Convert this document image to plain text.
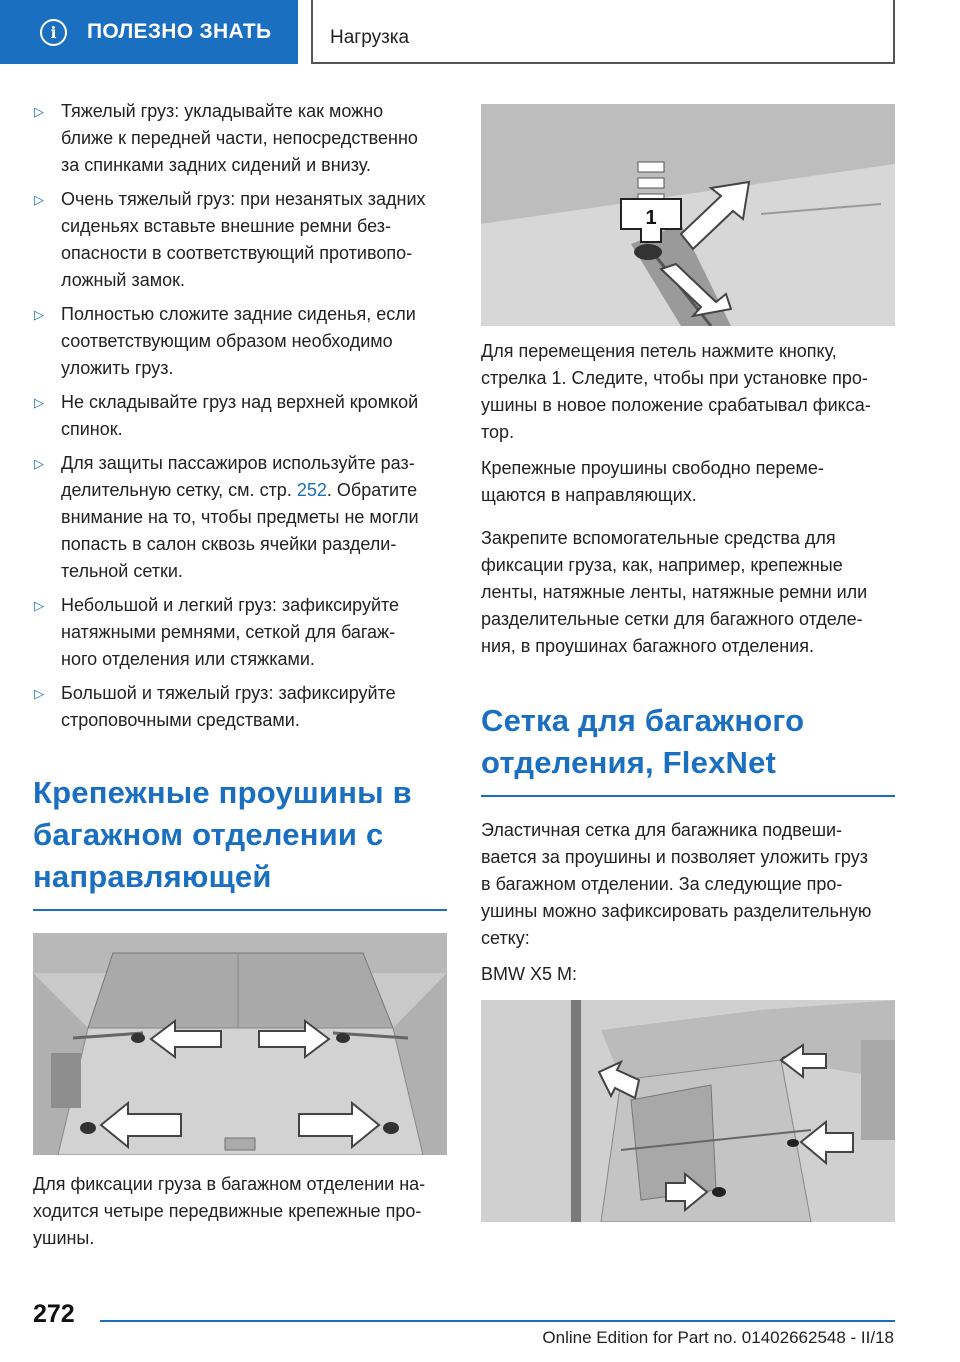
i ПОЛЕЗНО ЗНАТЬ	Нагрузка
▷ Тяжелый груз: укладывайте как можно
ближе к передней части, непосредственно
за спинками задних сидений и внизу.
▷ Очень тяжелый груз: при незанятых задних
сиденьях вставьте внешние ремни без-
опасности в соответствующий противопо-
ложный замок.
▷ Полностью сложите задние сиденья, если
соответствующим образом необходимо
уложить груз.
▷ Не складывайте груз над верхней кромкой
спинок.
▷ Для защиты пассажиров используйте раз-
делительную сетку, см. стр. 252. Обратите
внимание на то, чтобы предметы не могли
попасть в салон сквозь ячейки раздели-
тельной сетки.
▷ Небольшой и легкий груз: зафиксируйте
натяжными ремнями, сеткой для багаж-
ного отделения или стяжками.
▷ Большой и тяжелый груз: зафиксируйте
строповочными средствами.
Крепежные проушины в
багажном отделении с
направляющей

Для фиксации груза в багажном отделении на-
ходится четыре передвижные крепежные про-
ушины.

1

Для перемещения петель нажмите кнопку,
стрелка 1. Следите, чтобы при установке про-
ушины в новое положение срабатывал фикса-
тор.

Крепежные проушины свободно переме-
щаются в направляющих.

Закрепите вспомогательные средства для
фиксации груза, как, например, крепежные
ленты, натяжные ленты, натяжные ремни или
разделительные сетки для багажного отделе-
ния, в проушинах багажного отделения.

Сетка для багажного
отделения, FlexNet

Эластичная сетка для багажника подвеши-
вается за проушины и позволяет уложить груз
в багажном отделении. За следующие про-
ушины можно зафиксировать разделительную
сетку:

BMW X5 M:

272
Online Edition for Part no. 01402662548 - II/18
